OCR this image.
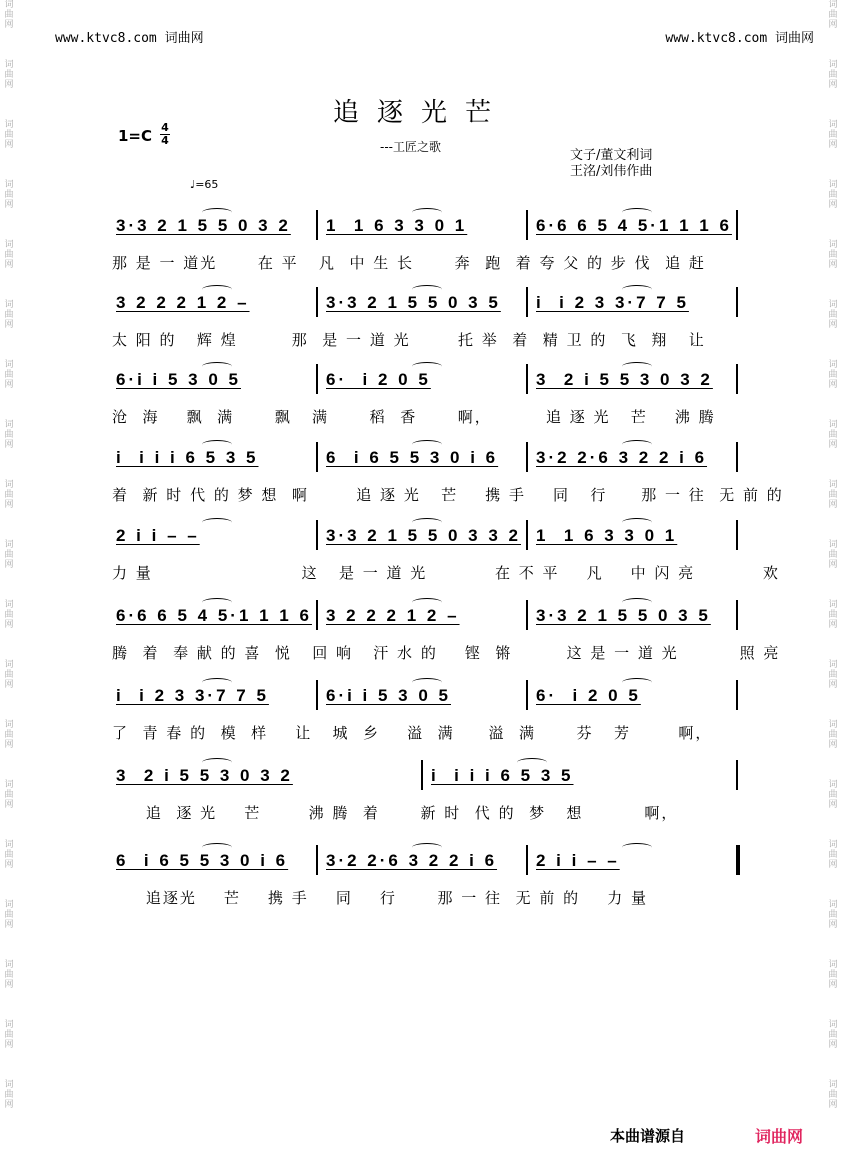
词
曲
网
词
曲
网
词
曲
网
词
曲
网
词
曲
网
词
曲
网
词
曲
网
词
曲
网
词
曲
网
词
曲
网
词
曲
网
词
曲
网
词
曲
网
词
曲
网
词
曲
网
词
曲
网
词
曲
网
词
曲
网
词
曲
网
词
曲
网
词
曲
网
词
曲
网
词
曲
网
词
曲
网
词
曲
网
词
曲
网
词
曲
网
词
曲
网
词
曲
网
词
曲
网
词
曲
网
词
曲
网
词
曲
网
词
曲
网
词
曲
网
词
曲
网
词
曲
网
词
曲
网
www.ktvc8.com 词曲网	www.ktvc8.com 词曲网
追逐光芒
1=C 4
4	---工匠之歌
文子/董文利词
王洺/刘伟作曲
♩=65
3·3 2 1 5 5 0 3 2 1  1 6 3 3 0 1	6·6 6 5 4 5·1 1 1 6
那 是 一 道光      在 平   凡  中 生 长      奔  跑  着 夸 父 的 步 伐  追 赶
3 2 2 2 1 2 –	3·3 2 1 5 5 0 3 5 i  i 2 3 3·7 7 5
太 阳 的   辉 煌        那  是 一 道 光       托 举  着  精 卫 的  飞  翔   让
6·i i 5 3 0 5	6·  i 2 0 5	3  2 i 5 5 3 0 3 2
沧  海    飘  满      飘   满      稻  香      啊，        追 逐 光   芒    沸 腾
i  i i i 6 5 3 5	6  i 6 5 5 3 0 i 6 3·2 2·6 3 2 2 i 6
着  新 时 代 的 梦 想  啊       追 逐 光   芒    携 手    同   行     那 一 往  无 前 的
2 i i – –	3·3 2 1 5 5 0 3 3 2 1  1 6 3 3 0 1
力 量                      这   是 一 道 光          在 不 平    凡    中 闪 亮          欢
6·6 6 5 4 5·1 1 1 6 3 2 2 2 1 2 –	3·3 2 1 5 5 0 3 5
腾  着  奉 献 的 喜  悦   回 响   汗 水 的    铿  锵        这 是 一 道 光         照 亮
i  i 2 3 3·7 7 5	6·i i 5 3 0 5	6·  i 2 0 5
了  青 春 的  模  样    让   城  乡    溢  满     溢  满      芬   芳       啊，
3  2 i 5 5 3 0 3 2	i  i i i 6 5 3 5
追  逐 光    芒       沸 腾  着      新 时  代 的  梦   想         啊，
6  i 6 5 5 3 0 i 6 3·2 2·6 3 2 2 i 6 2 i i – –
追逐光    芒    携 手    同    行      那 一 往  无 前 的    力 量
本曲谱源自	词曲网
